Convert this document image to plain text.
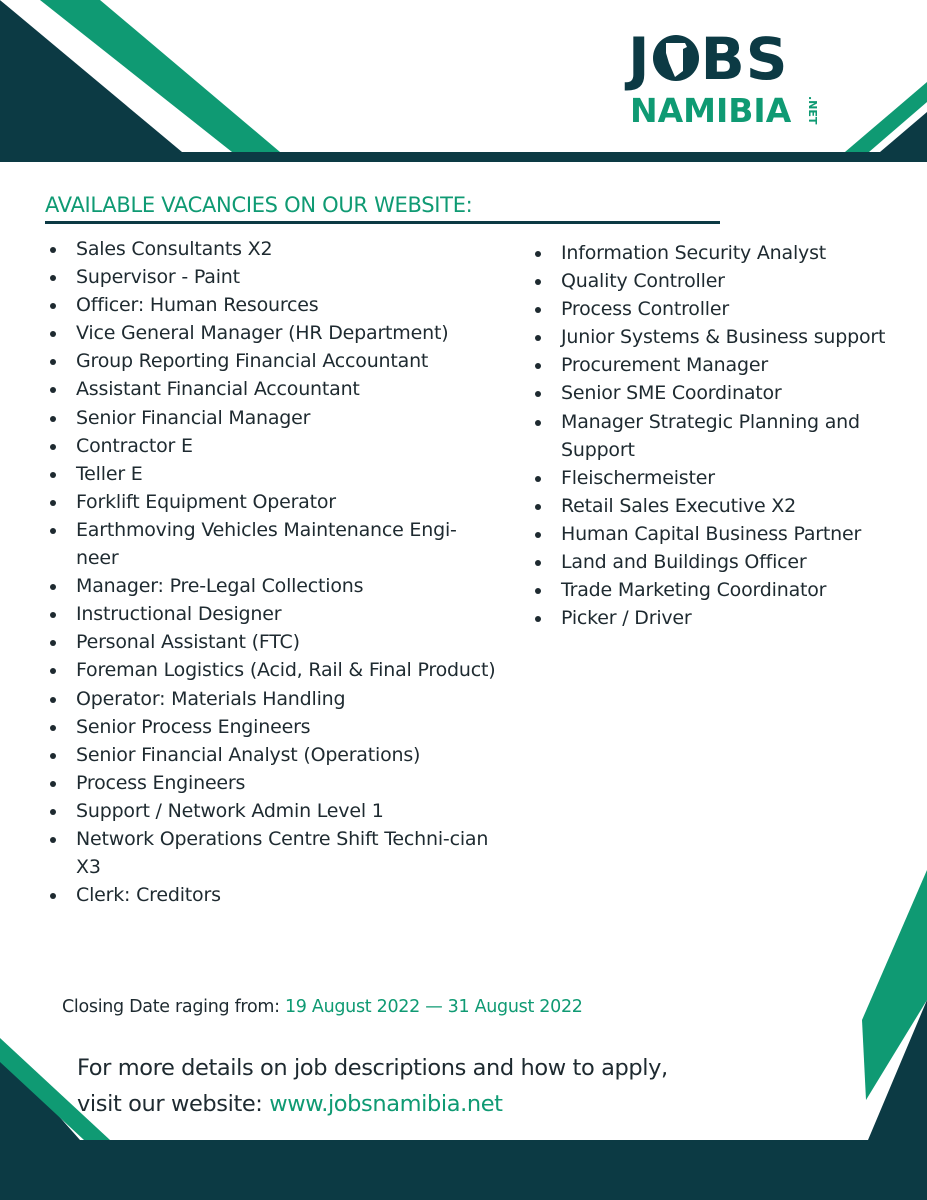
J BS
NAMIBIA .NET
AVAILABLE VACANCIES ON OUR WEBSITE:
Sales Consultants X2
Supervisor - Paint
Officer: Human Resources
Vice General Manager (HR Department)
Group Reporting Financial Accountant
Assistant Financial Accountant
Senior Financial Manager
Contractor E
Teller E
Forklift Equipment Operator
Earthmoving Vehicles Maintenance Engi-neer
Manager: Pre-Legal Collections
Instructional Designer
Personal Assistant (FTC)
Foreman Logistics (Acid, Rail & Final Product)
Operator: Materials Handling
Senior Process Engineers
Senior Financial Analyst (Operations)
Process Engineers
Support / Network Admin Level 1
Network Operations Centre Shift Techni-cian X3
Clerk: Creditors
Information Security Analyst
Quality Controller
Process Controller
Junior Systems & Business support
Procurement Manager
Senior SME Coordinator
Manager Strategic Planning and Support
Fleischermeister
Retail Sales Executive X2
Human Capital Business Partner
Land and Buildings Officer
Trade Marketing Coordinator
Picker / Driver
Closing Date raging from: 19 August 2022 — 31 August 2022
For more details on job descriptions and how to apply,
visit our website: www.jobsnamibia.net
